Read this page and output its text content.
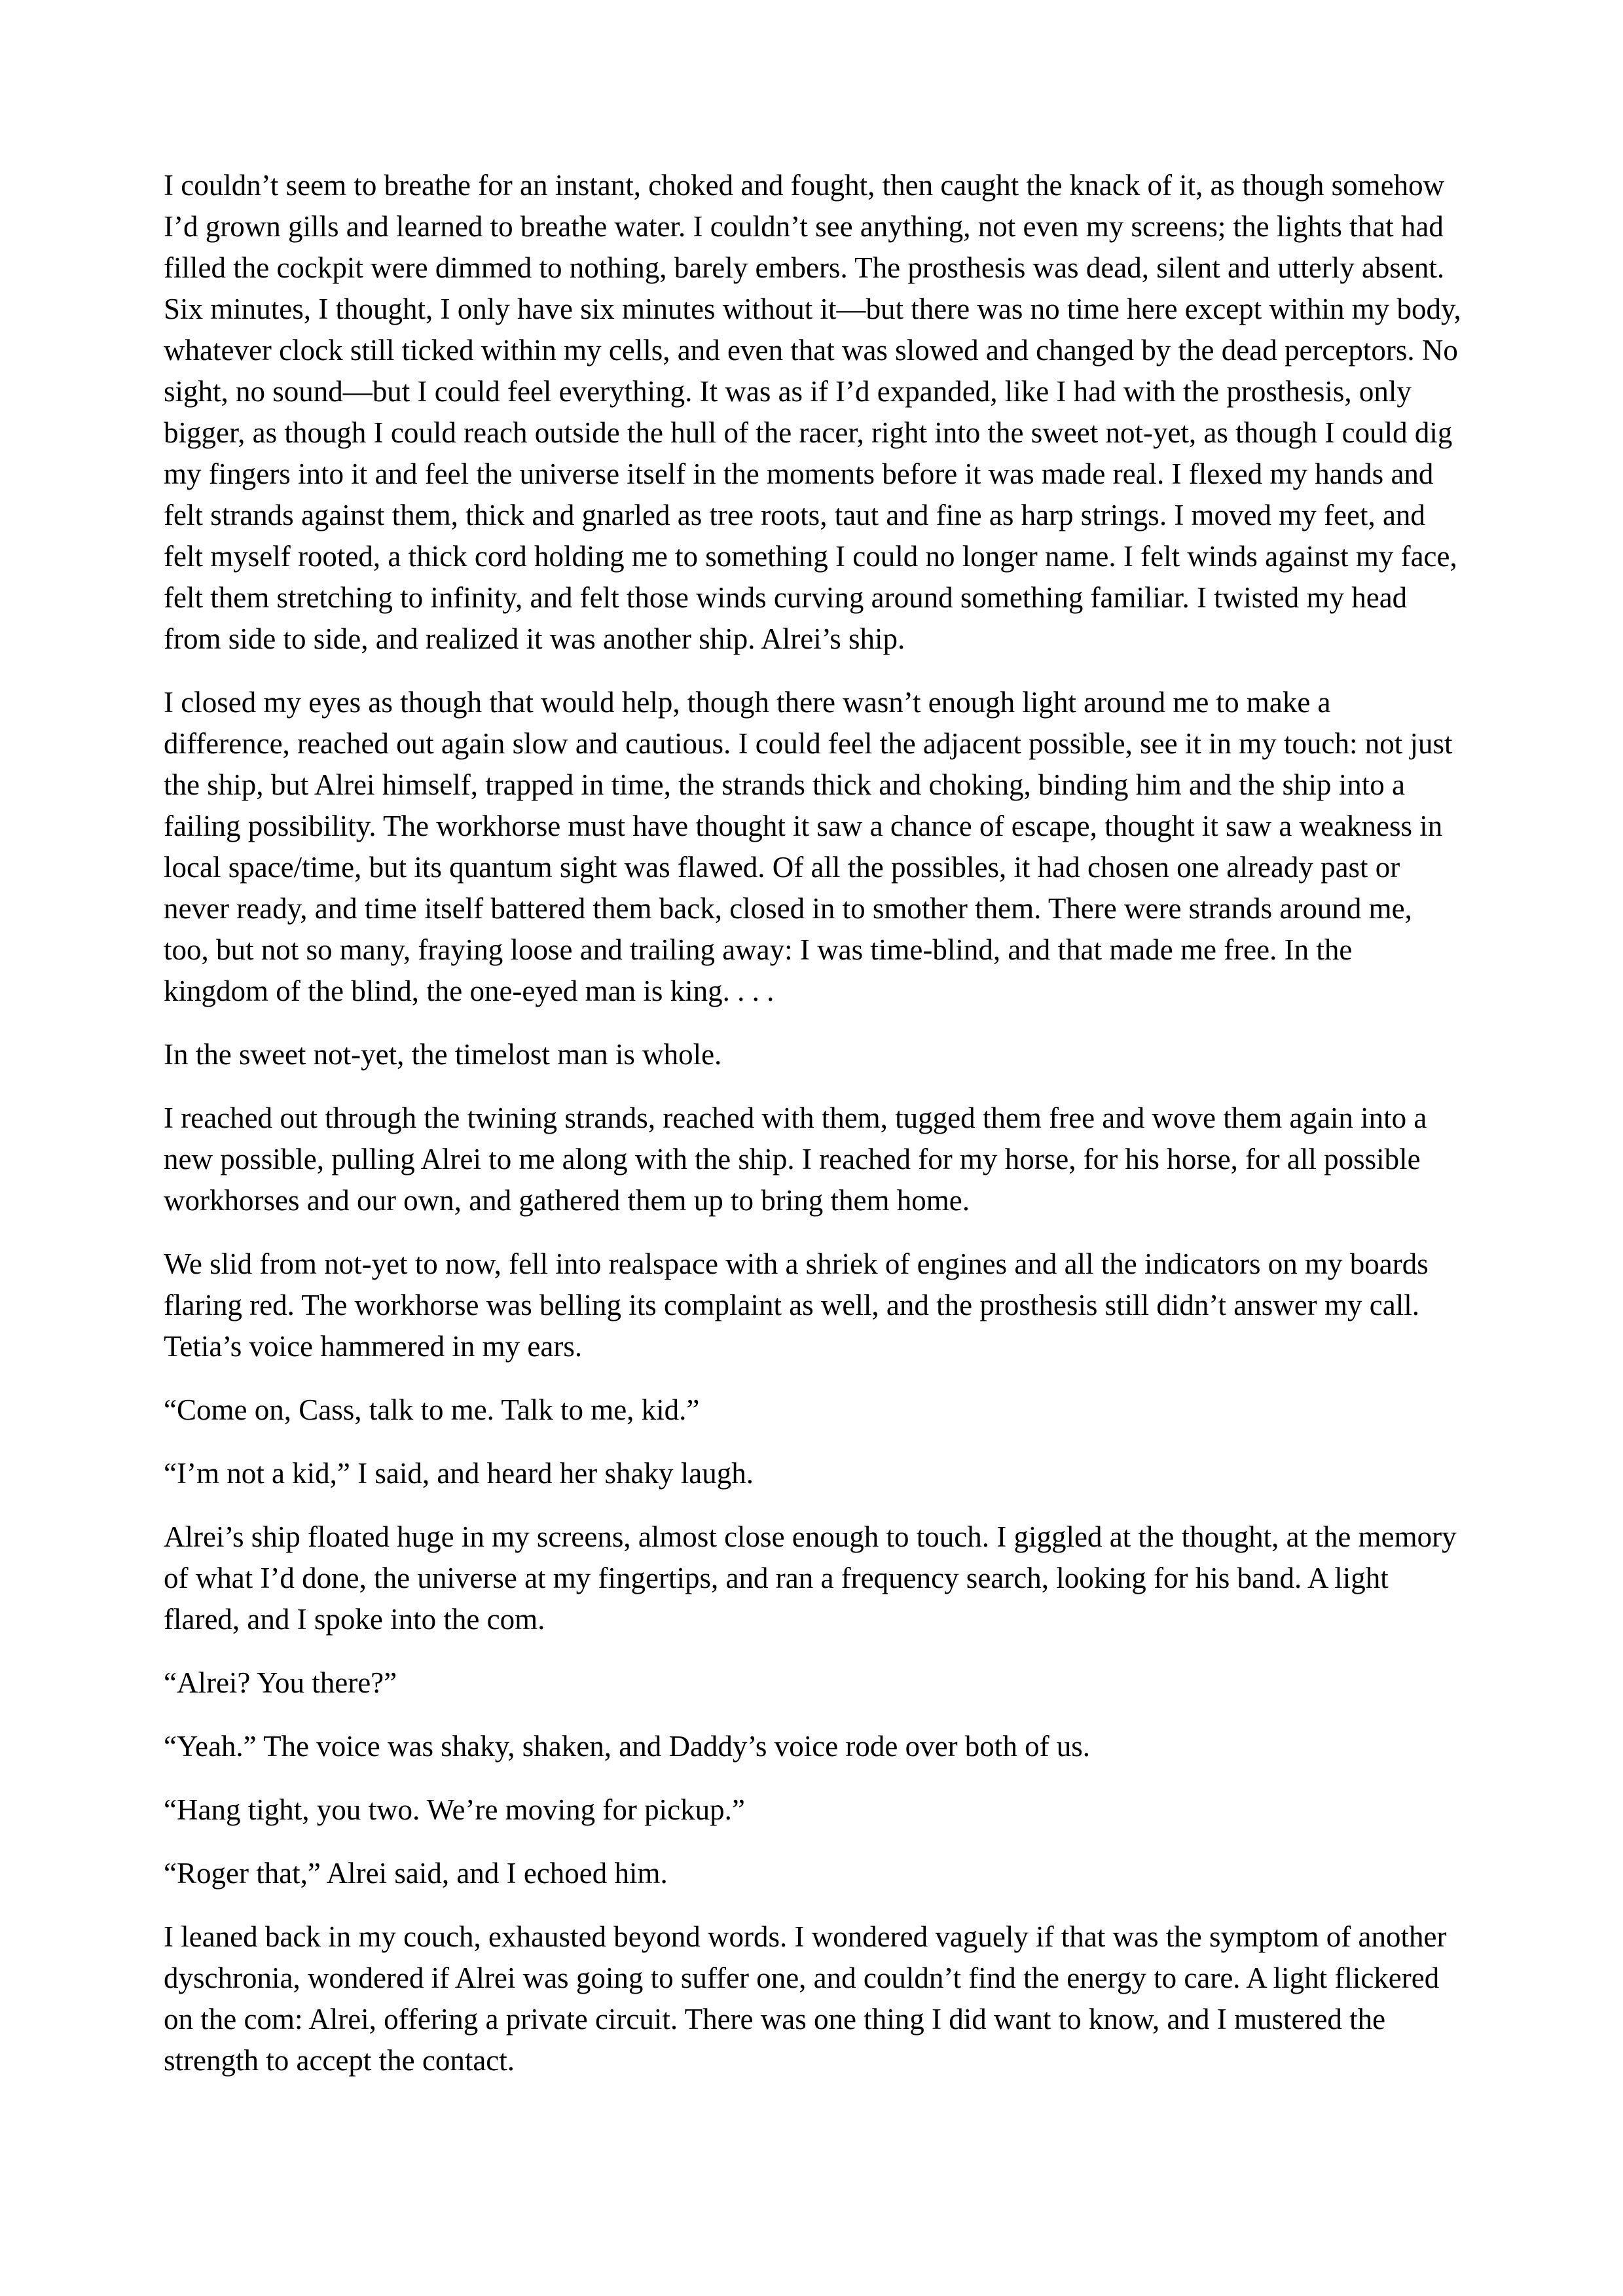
I couldn’t seem to breathe for an instant, choked and fought, then caught the knack of it, as though somehow I’d grown gills and learned to breathe water. I couldn’t see anything, not even my screens; the lights that had filled the cockpit were dimmed to nothing, barely embers. The prosthesis was dead, silent and utterly absent. Six minutes, I thought, I only have six minutes without it—but there was no time here except within my body, whatever clock still ticked within my cells, and even that was slowed and changed by the dead perceptors. No sight, no sound—but I could feel everything. It was as if I’d expanded, like I had with the prosthesis, only bigger, as though I could reach outside the hull of the racer, right into the sweet not-yet, as though I could dig my fingers into it and feel the universe itself in the moments before it was made real. I flexed my hands and felt strands against them, thick and gnarled as tree roots, taut and fine as harp strings. I moved my feet, and felt myself rooted, a thick cord holding me to something I could no longer name. I felt winds against my face, felt them stretching to infinity, and felt those winds curving around something familiar. I twisted my head from side to side, and realized it was another ship. Alrei’s ship.

I closed my eyes as though that would help, though there wasn’t enough light around me to make a difference, reached out again slow and cautious. I could feel the adjacent possible, see it in my touch: not just the ship, but Alrei himself, trapped in time, the strands thick and choking, binding him and the ship into a failing possibility. The workhorse must have thought it saw a chance of escape, thought it saw a weakness in local space/time, but its quantum sight was flawed. Of all the possibles, it had chosen one already past or never ready, and time itself battered them back, closed in to smother them. There were strands around me, too, but not so many, fraying loose and trailing away: I was time-blind, and that made me free. In the kingdom of the blind, the one-eyed man is king. . . .

In the sweet not-yet, the timelost man is whole.

I reached out through the twining strands, reached with them, tugged them free and wove them again into a new possible, pulling Alrei to me along with the ship. I reached for my horse, for his horse, for all possible workhorses and our own, and gathered them up to bring them home.

We slid from not-yet to now, fell into realspace with a shriek of engines and all the indicators on my boards flaring red. The workhorse was belling its complaint as well, and the prosthesis still didn’t answer my call. Tetia’s voice hammered in my ears.

“Come on, Cass, talk to me. Talk to me, kid.”

“I’m not a kid,” I said, and heard her shaky laugh.

Alrei’s ship floated huge in my screens, almost close enough to touch. I giggled at the thought, at the memory of what I’d done, the universe at my fingertips, and ran a frequency search, looking for his band. A light flared, and I spoke into the com.

“Alrei? You there?”

“Yeah.” The voice was shaky, shaken, and Daddy’s voice rode over both of us.

“Hang tight, you two. We’re moving for pickup.”

“Roger that,” Alrei said, and I echoed him.

I leaned back in my couch, exhausted beyond words. I wondered vaguely if that was the symptom of another dyschronia, wondered if Alrei was going to suffer one, and couldn’t find the energy to care. A light flickered on the com: Alrei, offering a private circuit. There was one thing I did want to know, and I mustered the strength to accept the contact.
